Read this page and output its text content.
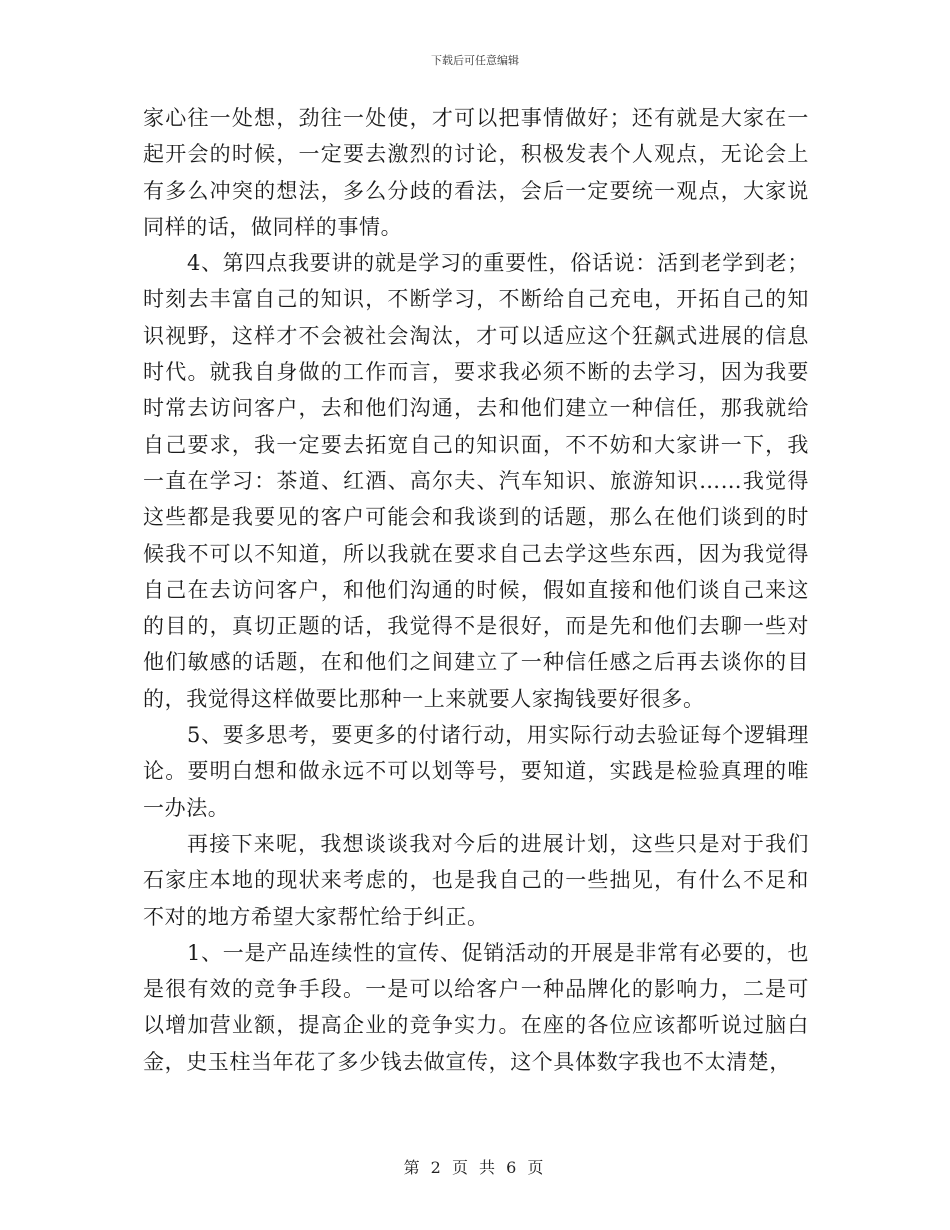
下载后可任意编辑

家心往一处想，劲往一处使，才可以把事情做好；还有就是大家在一起开会的时候，一定要去激烈的讨论，积极发表个人观点，无论会上有多么冲突的想法，多么分歧的看法，会后一定要统一观点，大家说同样的话，做同样的事情。

4、第四点我要讲的就是学习的重要性，俗话说：活到老学到老；时刻去丰富自己的知识，不断学习，不断给自己充电，开拓自己的知识视野，这样才不会被社会淘汰，才可以适应这个狂飙式进展的信息时代。就我自身做的工作而言，要求我必须不断的去学习，因为我要时常去访问客户，去和他们沟通，去和他们建立一种信任，那我就给自己要求，我一定要去拓宽自己的知识面，不不妨和大家讲一下，我一直在学习：茶道、红酒、高尔夫、汽车知识、旅游知识……我觉得这些都是我要见的客户可能会和我谈到的话题，那么在他们谈到的时候我不可以不知道，所以我就在要求自己去学这些东西，因为我觉得自己在去访问客户，和他们沟通的时候，假如直接和他们谈自己来这的目的，真切正题的话，我觉得不是很好，而是先和他们去聊一些对他们敏感的话题，在和他们之间建立了一种信任感之后再去谈你的目的，我觉得这样做要比那种一上来就要人家掏钱要好很多。

5、要多思考，要更多的付诸行动，用实际行动去验证每个逻辑理论。要明白想和做永远不可以划等号，要知道，实践是检验真理的唯一办法。

再接下来呢，我想谈谈我对今后的进展计划，这些只是对于我们石家庄本地的现状来考虑的，也是我自己的一些拙见，有什么不足和不对的地方希望大家帮忙给于纠正。

1、一是产品连续性的宣传、促销活动的开展是非常有必要的，也是很有效的竞争手段。一是可以给客户一种品牌化的影响力，二是可以增加营业额，提高企业的竞争实力。在座的各位应该都听说过脑白金，史玉柱当年花了多少钱去做宣传，这个具体数字我也不太清楚，

第 2 页 共 6 页
